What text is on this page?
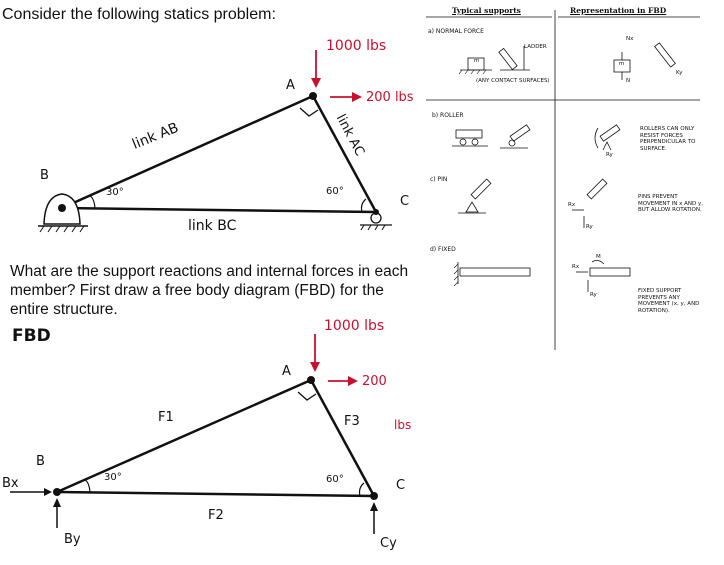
Consider the following statics problem:
What are the support reactions and internal forces in each member? First draw a free body diagram (FBD) for the entire structure.
FBD
A
B
C
1000 lbs
200 lbs
link AB	link AC
link BC
30°	60°
A
B
C
1000 lbs
200
lbs
F1
F2
F3
Bx
By	Cy
30°	60°
Typical supports	Representation in FBD
a) NORMAL FORCE
LADDER
(ANY CONTACT SURFACES)
m
Nx
m
N
Ky
b) ROLLER
ROLLERS CAN ONLY RESIST FORCES PERPENDICULAR TO SURFACE.
Ry
c) PIN
PINS PREVENT MOVEMENT IN x AND y, BUT ALLOW ROTATION.
Rx
Ry
d) FIXED
FIXED SUPPORT PREVENTS ANY MOVEMENT (x, y, AND ROTATION).
Rx
M
Ry
